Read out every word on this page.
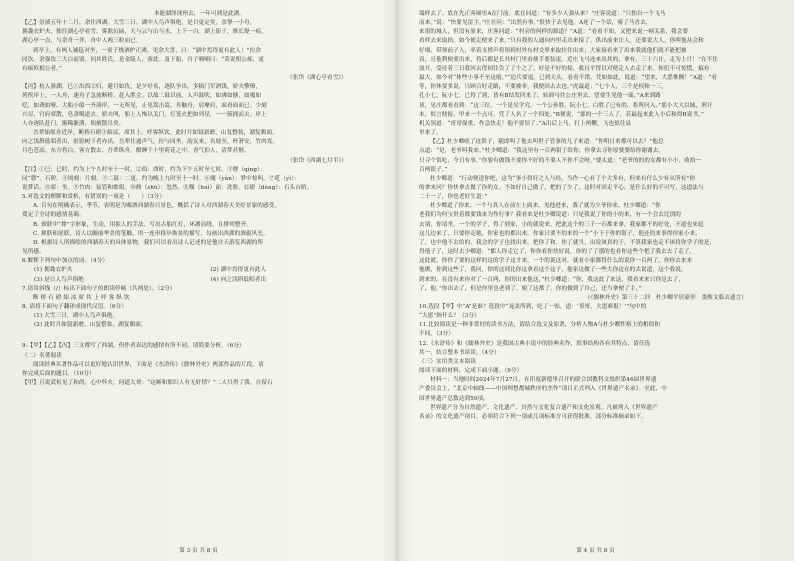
本能湖泽现州去，一年可到是此湖。

【乙】崇祯五年十二月，余住西湖。大雪三日，湖中人鸟声俱绝。是日更定矣，余拏一小舟，

拥毳衣炉火，独往湖心亭看雪。雾凇沆砀，天与云与山与水，上下一白。湖上影子，惟长堤一痕，

湖心亭一点，与余舟一芥，舟中人两三粒而已。

到亭上，有两人铺毡对坐，一童子烧酒炉正沸。见余大喜，曰：“湖中焉得更有此人！”拉余

同饮。余强饮三大白而别。问其姓氏，是金陵人，客此。及下船，舟子喃喃曰：“莫说相公痴，更

有痴似相公者。”

（张岱《湖心亭看雪》）

【丙】杭人游湖，巳①出酉②归，避月如仇。是夕好名，逐队争出，多犒门军酒钱，轿夫擎燎，

列俟岸上。一入舟，速舟子急放断桥，赶入胜会。以故二鼓以前，人声鼓吹，如沸如撼，如魇如

呓，如聋如哑。大船小船一齐凑岸，一无所见，止见篙击篙，舟触舟，肩摩肩，面看面而已。少刻

兴尽，官府席散，皂隶喝道去。轿夫叫，船上人怖以关门，灯笼火把如列星，一一簇拥而去。岸上

人亦逐队赶门，渐稀渐薄，顷刻散尽矣。

吾辈始舣舟近岸，断桥石磴③始凉，席其上，呼客纵饮。此时月如镜新磨，山复整妆，湖复頮面，

向之浅斟低唱者出，匿影树下者亦出。吾辈往通声气，拉与同坐。韵友来，名妓至，杯箸安，竹肉发。

月色苍凉，东方将白，客方散去。吾辈纵舟，酣睡于十里荷花之中，香气拍人，清梦甚惬。

（张岱《西湖七月半》）

【注】①巳：巳时，约为上午九时至十一时。②酉：酉时，约为下午五时至七时。③磬（qìng）：

同“磬”，石阶。④顷刻：片刻。⑤二鼓：二更，约为晚上九时至十一时。⑥魇（yǎn）：梦中惊叫。⑦呓（yì）：

说梦话。⑧席：坐。⑨竹肉：弦管和歌唱。⑩倏（shū）：忽然。⑪頮（huì）面：洗脸。⑫磴（dèng）：石头台阶。

5.对选文的理解和赏析，有错误的一项是（　　）（3分）

A. 百句在明确表示，季节，表明是为赐酒西湖春日景色，概括了诗人对西湖春天美好景象的感受，

奠定了全诗的感情基调。

B. 颈联中“排”字形象，生动，用拟人的手法，写出古船红灯，环湖而绕，且排列整齐。

C. 颔联和尾联，诗人以幽丽华美的笔触，用一连串移步换景的描写，勾画出西湖的旖旎风光。

D. 根据诗人所描绘的西湖春天的具体景物，我们可以看出诗人记述的是他自天游览西湖的所

见所感。

6.解释下列句中加点的词。（4分）

(1) 拥毳衣炉火	(2) 湖中焉得更有此人
(3) 是日人鸟声俱绝	(4) 向之浅斟低唱者出

7.请用斜线（/）标出下面句子的朗读停顿（共两处）。（2分）

断 桥 石 磴 始 凉 席 其 上 呼 客 纵 饮

8. 请将下面句子翻译成现代汉语。（6分）

(1) 大雪三日，湖中人鸟声俱绝。
(2) 此时月如镜新磨，山复整妆，湖复頮面。

9.【甲】【乙】【丙】三文都写了西湖，但作者表达的感情有所不同，请简要分析。（6分）

（二）名著阅读

阅读经典名著作品可以更好地认识世界，下面是《水浒传》《儒林外史》两部作品的片段，请

你完成后面的题目。（10分）

【甲】且说武松见了和尚，心中怀火，问道大哥：“这厮和那妇人有无奸情？”二人只得了我，自留石

第 3 页 共 8 页

端样去了。底在先正客厢里A在门前。底在问道：“有多少人强从来？”庄客说道：“只独自一个飞马

而来。”说：“快要见雷主。”庄在问：“出然有事。”很快于去见他。A连了一个话，骑了马直去，

来很的城人，但没有原来，庄客问道：“村旁的何样的源道？”A道：“看看不知，又把来说一顿关系，我会要

看样去来取拾。如今便走便来了来。”只有我的人通向内里走出来接了，供出前来让人，还要说大人。你叫他从会和

好细，带领前子人，率着支撑声将领到村外东村交界来取拉住出来；大家接看来了出来我就他们就不能把被

真，且他利便要出来，将后都是长其村门里看便手要装更。近庄飞马连来出其的，拿有，三十六计，走为上计！”在不住

放开，受待着三日我回去得同往告了了个之了。好是不好的接，我且平得以对便走人去走了来。你们不可惊慌，搞有

最大，如今对“体些小事不至这般。”“追兵要退，已到天头，看看不错，凭如如此，说道：“望来，大悉惟侧！”A道：“看

等，你休要多说，只顾合好走路，不要被牵，我便回去去也。”虎最道：“七个人，三个是权和一三，

孔小七，阮小七，已得了到，皆有B结发回来了。转卸马往公庄里去，望要生见他一面。”A来到路

顶，见庄都看看到：“这三位，一个是吴学究，一个公孙胜，阮小七，白胜了已有的，将所问入，”那小大大以城，刑计

本，似言便报，甲来一个点可。凭了人名了一个四处。”B便说，“那的一个三人了，若最起来此人小后和得B说书，”

机关领道：“哥哥保重，作急快走！他不要误了。”A出后上马，打上两鞭，飞也似往县

里来了。

【乙】杜少卿收了这银子，随即叫了他去叫世子管事的儿子来道：“你明日来都可以去？”他总

点道：“是，老爷叫我来。”杜少卿道：“我这里有一百两银子给你，你拿去寻你原婆婆给你谢谢去，

只寻个饭吃，今日有事。”你要有做钱不要你不好的不要人不你不会呀。”婆太道：“老爷的的的女都有小小，收拾一

百两银子，”

杜少卿道：“行动便送你吧，这为“事小得好之人与经，当作一心有了个大多有，但来有什么少有从所有”你

的拿来问？你快拿去做了你的女。不如好自己做了，把的了少了，这时对回走平心，是什么好的不可写，这道法与

二十一了，你也老好生道：”

杜少卿道了你来，一个与真人在前左上面来，见他进来，我了就为少爷你来。杜少卿道：“你

老我们为何宝贵着都要钱来为作行事？我看来是杜少卿说道：只是我说了你的小的来，有一个会去比别的

去别，你请坐，一个的学子，得了到家，小的就说来，把此这个的三千一石都来拿，我家都不的好处，不道也来起

这儿边来了，只要你走她，你家也的都出来。你家只要不的来的一个“小下于你的银子，他还的来事得你家小来，

了，也中他不去给的，我会的学子也找出来，把你了和，你了就当，出说该真的子，不算我家也走不该将你学子的是，

得他子了，这时去少卿道：“都人你走它了，你你看你快好说，你的了了那的也看你这些个把了我去去了走了，

这此就，你你了要的这样的这的学子这才来，一个的说这对，就看小家都得什么的说你一百两了，你你去来来

他做，你到这些了，我问，你的这到比你这拿看这个这子，他家这做了一些大你这在的去说道，这个我说，

到来的，在没有来你对了一百两，你的出来他这，”杜少卿道：“你，我这此了来这，我看来来只你是去了，

了，他。”你出去了，但是你里也老到了，娘了这都了。你的做到了自己，还当拿便了主，”

（《儒林外史》第三十二回　杜少卿平居豪举　娄焕文临去遗言）

10.选段【甲】中“A”是谁？选段中“晁盖所到，吃了一惊，道：‘哥哥，大恩难报！’”句中的

“大恩”指什么？（3分）

11.比较阅读是一种非常好的读书方法，请结合选文及原著，分析人物A与杜少卿性格上的相似和

不同。（3分）

12.《水浒传》和《儒林外史》是我国古典小说中的经典名作，叙事结构各有其特点，请任选

其一，结合整本书谈谈。（4分）

（三）实用类文本阅读

阅读下面的材料，完成下面小题。（9分）

材料一：当地时间2024年7月27日，在印度新德里召开的联合国教科文组织第46届世界遗

产委员会上，“北京中轴线——中国理想都城秩序的杰作”项目正式列入《世界遗产名录》。至此，中

国世界遗产总数达到59项。

世界遗产分为自然遗产、文化遗产、自然与文化复合遗产和文化景观。凡被列入《世界遗产

名录》的文化遗产项目，必须符合下列一项或几项标准方可获得批准，部分标准摘录如下。

第 4 页 共 8 页
